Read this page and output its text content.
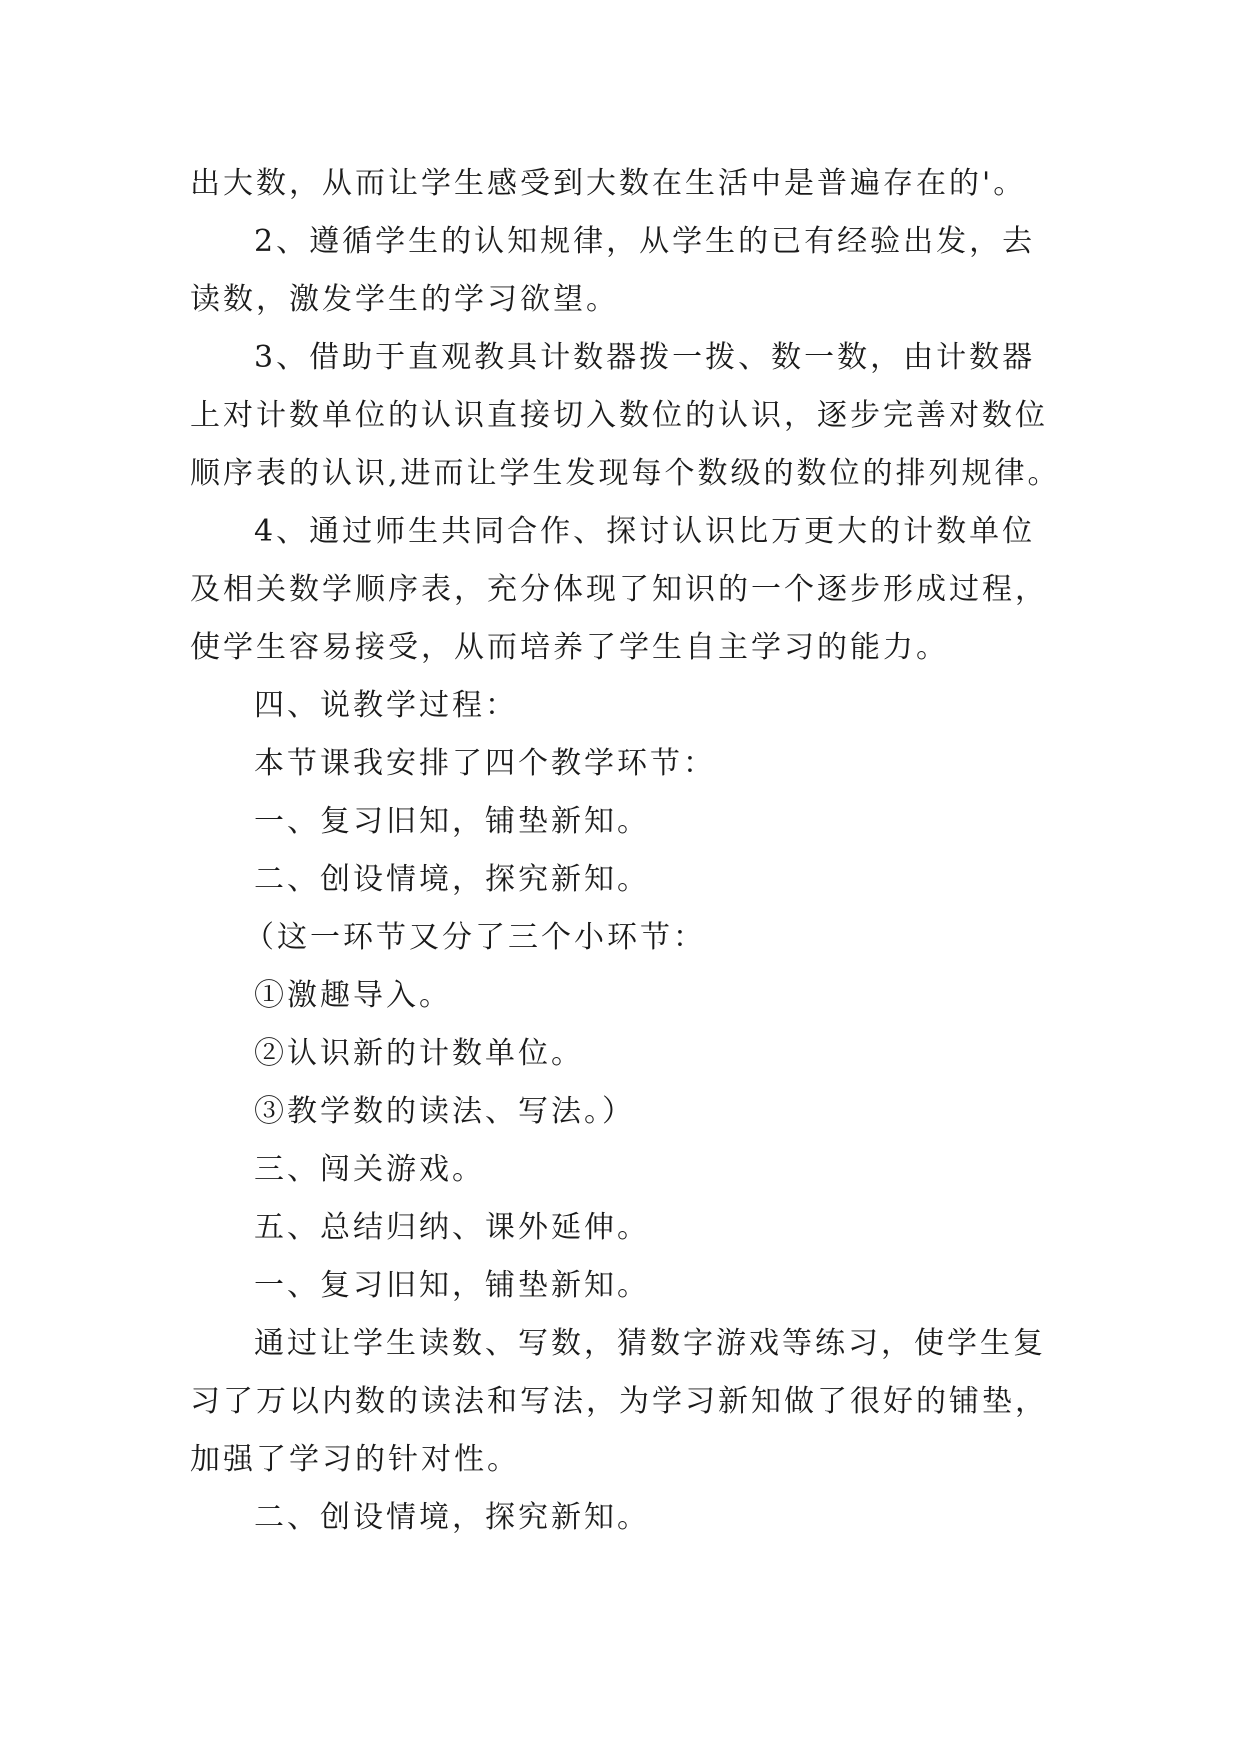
出大数，从而让学生感受到大数在生活中是普遍存在的'。
2、遵循学生的认知规律，从学生的已有经验出发，去
读数，激发学生的学习欲望。
3、借助于直观教具计数器拨一拨、数一数，由计数器
上对计数单位的认识直接切入数位的认识，逐步完善对数位
顺序表的认识,进而让学生发现每个数级的数位的排列规律。
4、通过师生共同合作、探讨认识比万更大的计数单位
及相关数学顺序表，充分体现了知识的一个逐步形成过程，
使学生容易接受，从而培养了学生自主学习的能力。
四、说教学过程：
本节课我安排了四个教学环节：
一、复习旧知，铺垫新知。
二、创设情境，探究新知。
（这一环节又分了三个小环节：
①激趣导入。
②认识新的计数单位。
③教学数的读法、写法。）
三、闯关游戏。
五、总结归纳、课外延伸。
一、复习旧知，铺垫新知。
通过让学生读数、写数，猜数字游戏等练习，使学生复
习了万以内数的读法和写法，为学习新知做了很好的铺垫，
加强了学习的针对性。
二、创设情境，探究新知。
